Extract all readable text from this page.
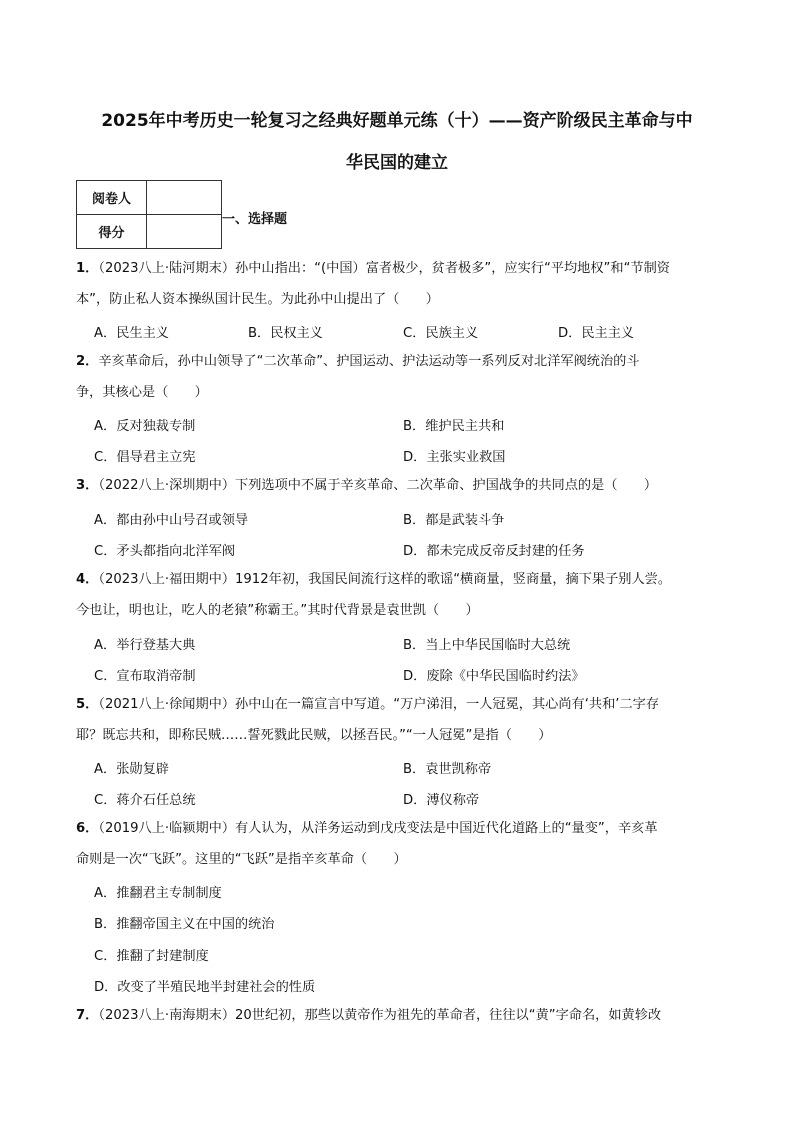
2025年中考历史一轮复习之经典好题单元练（十）——资产阶级民主革命与中
华民国的建立
阅卷人	
得分	
一、选择题
1．（2023八上·陆河期末）孙中山指出：“(中国）富者极少，贫者极多”，应实行“平均地权”和“节制资
本”，防止私人资本操纵国计民生。为此孙中山提出了（　　）
A．民生主义	B．民权主义	C．民族主义	D．民主主义
2．辛亥革命后，孙中山领导了“二次革命”、护国运动、护法运动等一系列反对北洋军阀统治的斗
争，其核心是（　　）
A．反对独裁专制	B．维护民主共和
C．倡导君主立宪	D．主张实业救国
3．（2022八上·深圳期中）下列选项中不属于辛亥革命、二次革命、护国战争的共同点的是（　　）
A．都由孙中山号召或领导	B．都是武装斗争
C．矛头都指向北洋军阀	D．都未完成反帝反封建的任务
4．（2023八上·福田期中）1912年初，我国民间流行这样的歌谣“横商量，竖商量，摘下果子别人尝。
今也让，明也让，吃人的老猿”称霸王。”其时代背景是袁世凯（　　）
A．举行登基大典	B．当上中华民国临时大总统
C．宣布取消帝制	D．废除《中华民国临时约法》
5．（2021八上·徐闻期中）孙中山在一篇宣言中写道。“万户涕泪，一人冠冕，其心尚有‘共和’二字存
耶？既忘共和，即称民贼……誓死戮此民贼，以拯吾民。”“一人冠冕”是指（　　）
A．张勋复辟	B．袁世凯称帝
C．蒋介石任总统	D．溥仪称帝
6．（2019八上·临颍期中）有人认为，从洋务运动到戊戌变法是中国近代化道路上的“量变”，辛亥革
命则是一次“飞跃”。这里的“飞跃”是指辛亥革命（　　）
A．推翻君主专制制度
B．推翻帝国主义在中国的统治
C．推翻了封建制度
D．改变了半殖民地半封建社会的性质
7．（2023八上·南海期末）20世纪初，那些以黄帝作为祖先的革命者，往往以“黄”字命名，如黄轸改
